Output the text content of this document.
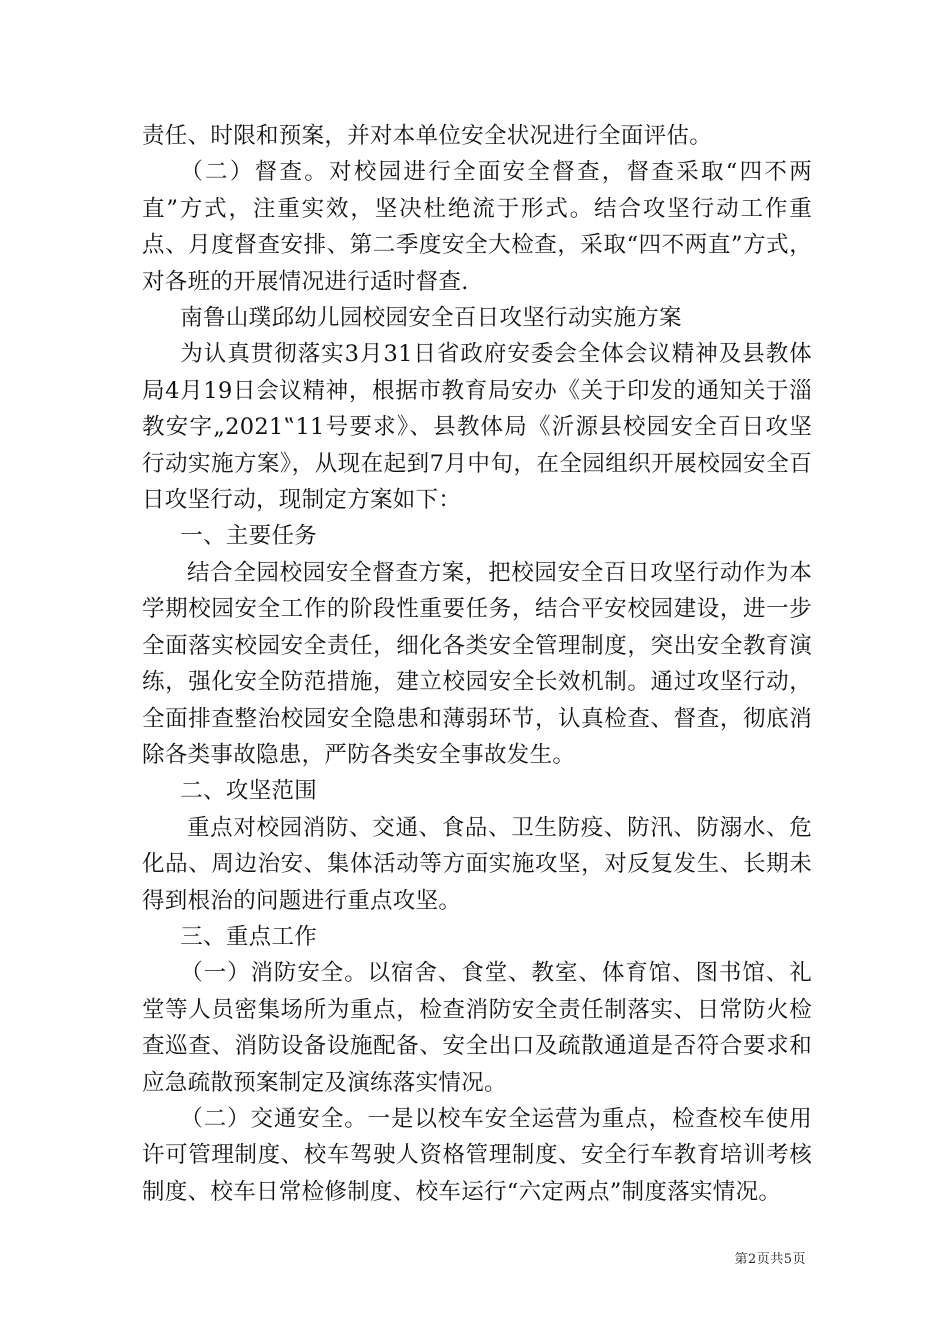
责任、时限和预案，并对本单位安全状况进行全面评估。

（二）督查。对校园进行全面安全督查，督查采取“四不两直”方式，注重实效，坚决杜绝流于形式。结合攻坚行动工作重点、月度督查安排、第二季度安全大检查，采取“四不两直”方式，对各班的开展情况进行适时督查.

南鲁山璞邱幼儿园校园安全百日攻坚行动实施方案

为认真贯彻落实3月31日省政府安委会全体会议精神及县教体局4月19日会议精神，根据市教育局安办《关于印发的通知关于淄教安字„2021‟11号要求》、县教体局《沂源县校园安全百日攻坚行动实施方案》，从现在起到7月中旬，在全园组织开展校园安全百日攻坚行动，现制定方案如下：

一、主要任务

结合全园校园安全督查方案，把校园安全百日攻坚行动作为本学期校园安全工作的阶段性重要任务，结合平安校园建设，进一步全面落实校园安全责任，细化各类安全管理制度，突出安全教育演练，强化安全防范措施，建立校园安全长效机制。通过攻坚行动，全面排查整治校园安全隐患和薄弱环节，认真检查、督查，彻底消除各类事故隐患，严防各类安全事故发生。

二、攻坚范围

重点对校园消防、交通、食品、卫生防疫、防汛、防溺水、危化品、周边治安、集体活动等方面实施攻坚，对反复发生、长期未得到根治的问题进行重点攻坚。

三、重点工作

（一）消防安全。以宿舍、食堂、教室、体育馆、图书馆、礼堂等人员密集场所为重点，检查消防安全责任制落实、日常防火检查巡查、消防设备设施配备、安全出口及疏散通道是否符合要求和应急疏散预案制定及演练落实情况。

（二）交通安全。一是以校车安全运营为重点，检查校车使用许可管理制度、校车驾驶人资格管理制度、安全行车教育培训考核制度、校车日常检修制度、校车运行“六定两点”制度落实情况。

第2页共5页
